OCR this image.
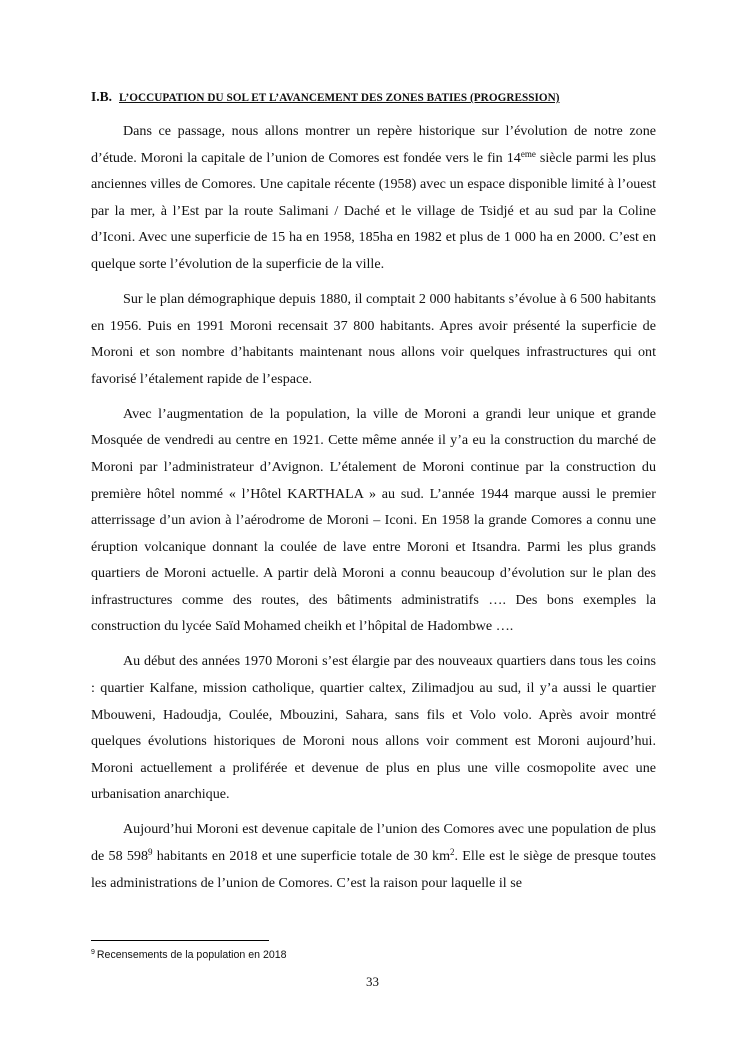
I.B. L’OCCUPATION DU SOL ET L’AVANCEMENT DES ZONES BATIES (PROGRESSION)

Dans ce passage, nous allons montrer un repère historique sur l’évolution de notre zone d’étude. Moroni la capitale de l’union de Comores est fondée vers le fin 14eme siècle parmi les plus anciennes villes de Comores. Une capitale récente (1958) avec un espace disponible limité à l’ouest par la mer, à l’Est par la route Salimani / Daché et le village de Tsidjé et au sud par la Coline d’Iconi. Avec une superficie de 15 ha en 1958, 185ha en 1982 et plus de 1 000 ha en 2000. C’est en quelque sorte l’évolution de la superficie de la ville.

Sur le plan démographique depuis 1880, il comptait 2 000 habitants s’évolue à 6 500 habitants en 1956. Puis en 1991 Moroni recensait 37 800 habitants. Apres avoir présenté la superficie de Moroni et son nombre d’habitants maintenant nous allons voir quelques infrastructures qui ont favorisé l’étalement rapide de l’espace.

Avec l’augmentation de la population, la ville de Moroni a grandi leur unique et grande Mosquée de vendredi au centre en 1921. Cette même année il y’a eu la construction du marché de Moroni par l’administrateur d’Avignon. L’étalement de Moroni continue par la construction du première hôtel nommé « l’Hôtel KARTHALA » au sud. L’année 1944 marque aussi le premier atterrissage d’un avion à l’aérodrome de Moroni – Iconi. En 1958 la grande Comores a connu une éruption volcanique donnant la coulée de lave entre Moroni et Itsandra. Parmi les plus grands quartiers de Moroni actuelle. A partir delà Moroni a connu beaucoup d’évolution sur le plan des infrastructures comme des routes, des bâtiments administratifs …. Des bons exemples la construction du lycée Saïd Mohamed cheikh et l’hôpital de Hadombwe ….

Au début des années 1970 Moroni s’est élargie par des nouveaux quartiers dans tous les coins : quartier Kalfane, mission catholique, quartier caltex, Zilimadjou au sud, il y’a aussi le quartier Mbouweni, Hadoudja, Coulée, Mbouzini, Sahara, sans fils et Volo volo. Après avoir montré quelques évolutions historiques de Moroni nous allons voir comment est Moroni aujourd’hui. Moroni actuellement a proliférée et devenue de plus en plus une ville cosmopolite avec une urbanisation anarchique.

Aujourd’hui Moroni est devenue capitale de l’union des Comores avec une population de plus de 58 $598^9$ habitants en 2018 et une superficie totale de 30 $km^2$. Elle est le siège de presque toutes les administrations de l’union de Comores. C’est la raison pour laquelle il se

$^9$ Recensements de la population en 2018
33
